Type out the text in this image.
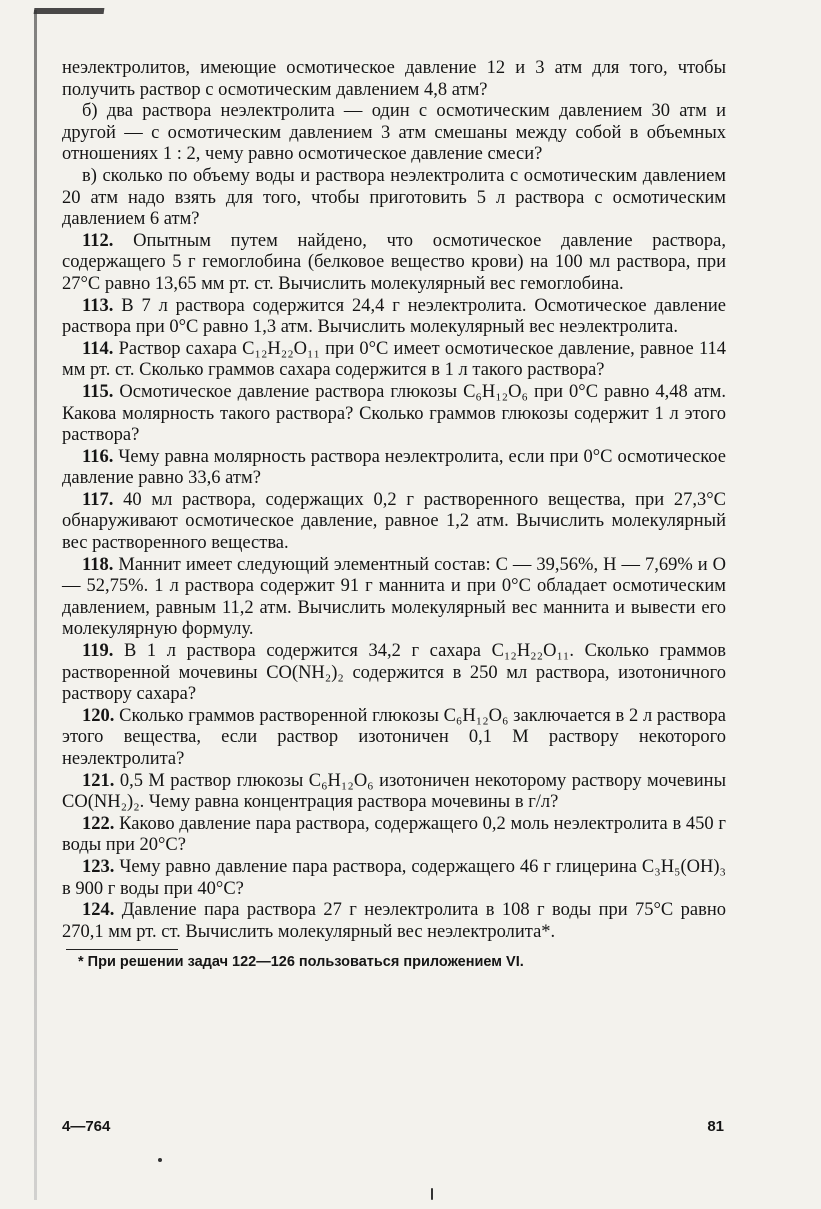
неэлектролитов, имеющие осмотическое давление 12 и 3 атм для того, чтобы получить раствор с осмотическим давлением 4,8 атм?

б) два раствора неэлектролита — один с осмотическим давлением 30 атм и другой — с осмотическим давлением 3 атм смешаны между собой в объемных отношениях 1 : 2, чему равно осмотическое давление смеси?

в) сколько по объему воды и раствора неэлектролита с осмотическим давлением 20 атм надо взять для того, чтобы приготовить 5 л раствора с осмотическим давлением 6 атм?

112. Опытным путем найдено, что осмотическое давление раствора, содержащего 5 г гемоглобина (белковое вещество крови) на 100 мл раствора, при 27°С равно 13,65 мм рт. ст. Вычислить молекулярный вес гемоглобина.

113. В 7 л раствора содержится 24,4 г неэлектролита. Осмотическое давление раствора при 0°С равно 1,3 атм. Вычислить молекулярный вес неэлектролита.

114. Раствор сахара C₁₂H₂₂O₁₁ при 0°С имеет осмотическое давление, равное 114 мм рт. ст. Сколько граммов сахара содержится в 1 л такого раствора?

115. Осмотическое давление раствора глюкозы C₆H₁₂O₆ при 0°С равно 4,48 атм. Какова молярность такого раствора? Сколько граммов глюкозы содержит 1 л этого раствора?

116. Чему равна молярность раствора неэлектролита, если при 0°С осмотическое давление равно 33,6 атм?

117. 40 мл раствора, содержащих 0,2 г растворенного вещества, при 27,3°С обнаруживают осмотическое давление, равное 1,2 атм. Вычислить молекулярный вес растворенного вещества.

118. Маннит имеет следующий элементный состав: С — 39,56%, Н — 7,69% и О — 52,75%. 1 л раствора содержит 91 г маннита и при 0°С обладает осмотическим давлением, равным 11,2 атм. Вычислить молекулярный вес маннита и вывести его молекулярную формулу.

119. В 1 л раствора содержится 34,2 г сахара C₁₂H₂₂O₁₁. Сколько граммов растворенной мочевины CO(NH₂)₂ содержится в 250 мл раствора, изотоничного раствору сахара?

120. Сколько граммов растворенной глюкозы C₆H₁₂O₆ заключается в 2 л раствора этого вещества, если раствор изотоничен 0,1 М раствору некоторого неэлектролита?

121. 0,5 М раствор глюкозы C₆H₁₂O₆ изотоничен некоторому раствору мочевины CO(NH₂)₂. Чему равна концентрация раствора мочевины в г/л?

122. Каково давление пара раствора, содержащего 0,2 моль неэлектролита в 450 г воды при 20°С?

123. Чему равно давление пара раствора, содержащего 46 г глицерина C₃H₅(OH)₃ в 900 г воды при 40°С?

124. Давление пара раствора 27 г неэлектролита в 108 г воды при 75°С равно 270,1 мм рт. ст. Вычислить молекулярный вес неэлектролита*.

* При решении задач 122—126 пользоваться приложением VI.
4—764	81
